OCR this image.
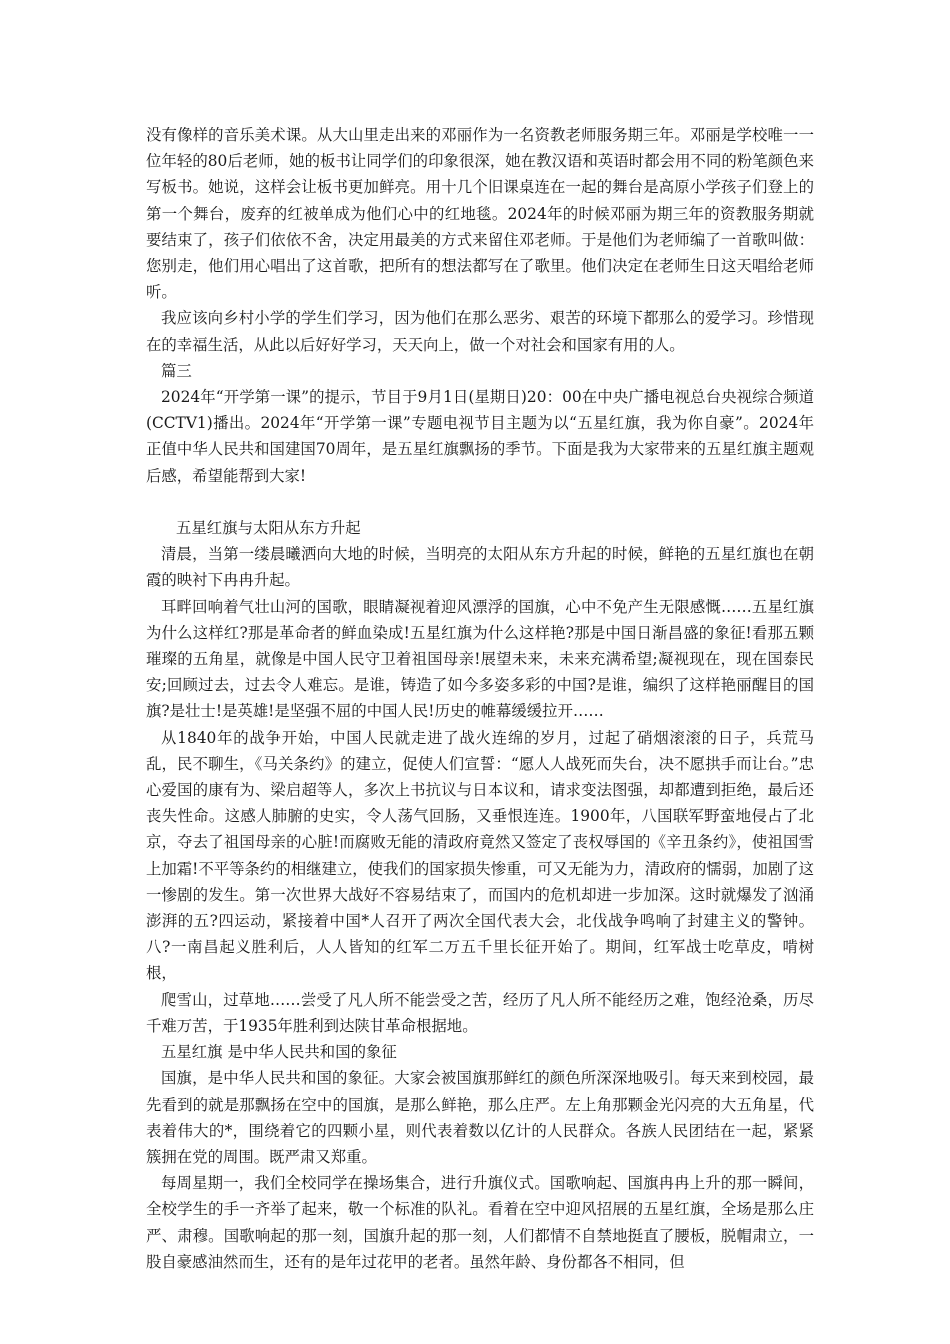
没有像样的音乐美术课。从大山里走出来的邓丽作为一名资教老师服务期三年。邓丽是学校唯一一位年轻的80后老师，她的板书让同学们的印象很深，她在教汉语和英语时都会用不同的粉笔颜色来写板书。她说，这样会让板书更加鲜亮。用十几个旧课桌连在一起的舞台是高原小学孩子们登上的第一个舞台，废弃的红被单成为他们心中的红地毯。2024年的时候邓丽为期三年的资教服务期就要结束了，孩子们依依不舍，决定用最美的方式来留住邓老师。于是他们为老师编了一首歌叫做：您别走，他们用心唱出了这首歌，把所有的想法都写在了歌里。他们决定在老师生日这天唱给老师听。

我应该向乡村小学的学生们学习，因为他们在那么恶劣、艰苦的环境下都那么的爱学习。珍惜现在的幸福生活，从此以后好好学习，天天向上，做一个对社会和国家有用的人。

篇三

2024年“开学第一课”的提示，节目于9月1日(星期日)20：00在中央广播电视总台央视综合频道(CCTV1)播出。2024年“开学第一课”专题电视节目主题为以“五星红旗，我为你自豪”。2024年正值中华人民共和国建国70周年，是五星红旗飘扬的季节。下面是我为大家带来的五星红旗主题观后感，希望能帮到大家!

五星红旗与太阳从东方升起

清晨，当第一缕晨曦洒向大地的时候，当明亮的太阳从东方升起的时候，鲜艳的五星红旗也在朝霞的映衬下冉冉升起。

耳畔回响着气壮山河的国歌，眼睛凝视着迎风漂浮的国旗，心中不免产生无限感慨……五星红旗为什么这样红?那是革命者的鲜血染成!五星红旗为什么这样艳?那是中国日渐昌盛的象征!看那五颗璀璨的五角星，就像是中国人民守卫着祖国母亲!展望未来，未来充满希望;凝视现在，现在国泰民安;回顾过去，过去令人难忘。是谁，铸造了如今多姿多彩的中国?是谁，编织了这样艳丽醒目的国旗?是壮士!是英雄!是坚强不屈的中国人民!历史的帷幕缓缓拉开……

从1840年的战争开始，中国人民就走进了战火连绵的岁月，过起了硝烟滚滚的日子，兵荒马乱，民不聊生，《马关条约》的建立，促使人们宣誓：“愿人人战死而失台，决不愿拱手而让台。”忠心爱国的康有为、梁启超等人，多次上书抗议与日本议和，请求变法图强，却都遭到拒绝，最后还丧失性命。这感人肺腑的史实，令人荡气回肠，又垂恨连连。1900年，八国联军野蛮地侵占了北京，夺去了祖国母亲的心脏!而腐败无能的清政府竟然又签定了丧权辱国的《辛丑条约》，使祖国雪上加霜!不平等条约的相继建立，使我们的国家损失惨重，可又无能为力，清政府的懦弱，加剧了这一惨剧的发生。第一次世界大战好不容易结束了，而国内的危机却进一步加深。这时就爆发了汹涌澎湃的五?四运动，紧接着中国*人召开了两次全国代表大会，北伐战争鸣响了封建主义的警钟。八?一南昌起义胜利后，人人皆知的红军二万五千里长征开始了。期间，红军战士吃草皮，啃树根，

爬雪山，过草地……尝受了凡人所不能尝受之苦，经历了凡人所不能经历之难，饱经沧桑，历尽千难万苦，于1935年胜利到达陕甘革命根据地。

五星红旗 是中华人民共和国的象征

国旗，是中华人民共和国的象征。大家会被国旗那鲜红的颜色所深深地吸引。每天来到校园，最先看到的就是那飘扬在空中的国旗，是那么鲜艳，那么庄严。左上角那颗金光闪亮的大五角星，代表着伟大的*，围绕着它的四颗小星，则代表着数以亿计的人民群众。各族人民团结在一起，紧紧簇拥在党的周围。既严肃又郑重。

每周星期一，我们全校同学在操场集合，进行升旗仪式。国歌响起、国旗冉冉上升的那一瞬间，全校学生的手一齐举了起来，敬一个标准的队礼。看着在空中迎风招展的五星红旗，全场是那么庄严、肃穆。国歌响起的那一刻，国旗升起的那一刻，人们都情不自禁地挺直了腰板，脱帽肃立，一股自豪感油然而生，还有的是年过花甲的老者。虽然年龄、身份都各不相同，但
